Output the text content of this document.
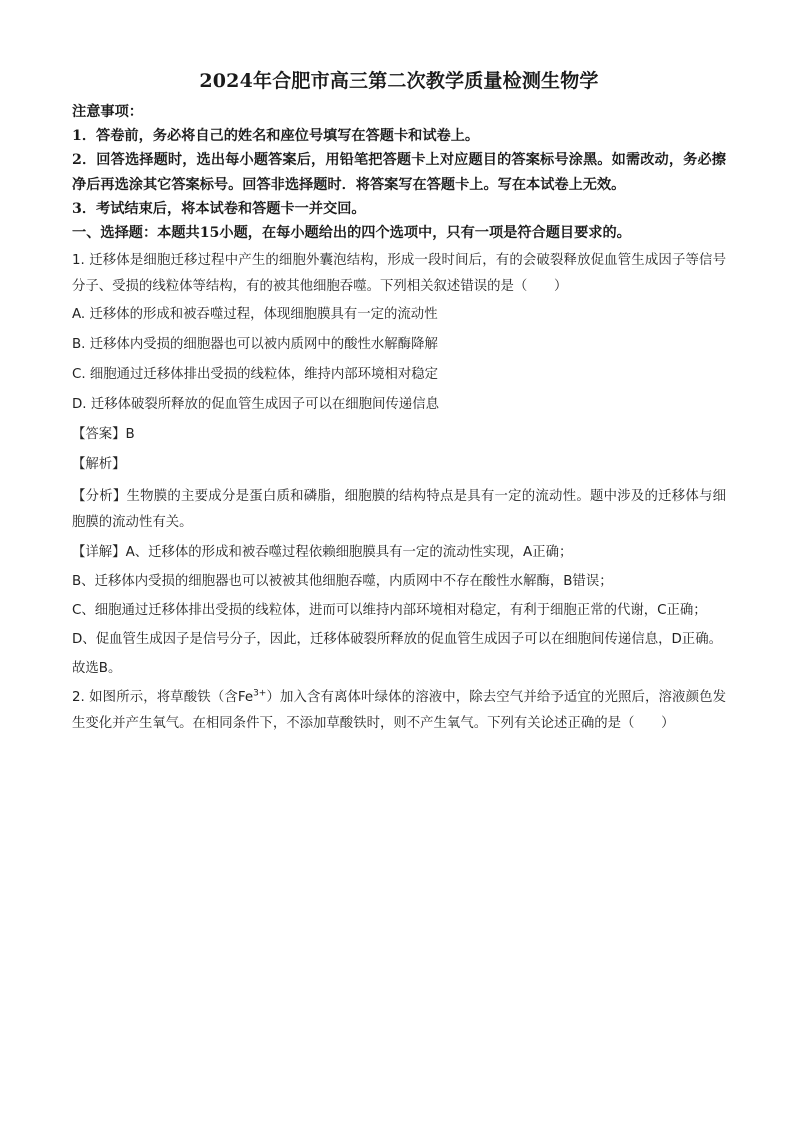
2024年合肥市高三第二次教学质量检测生物学

注意事项：

1．答卷前，务必将自己的姓名和座位号填写在答题卡和试卷上。

2．回答选择题时，选出每小题答案后，用铅笔把答题卡上对应题目的答案标号涂黑。如需改动，务必擦净后再选涂其它答案标号。回答非选择题时．将答案写在答题卡上。写在本试卷上无效。

3．考试结束后，将本试卷和答题卡一并交回。

一、选择题：本题共15小题，在每小题给出的四个选项中，只有一项是符合题目要求的。

1. 迁移体是细胞迁移过程中产生的细胞外囊泡结构，形成一段时间后，有的会破裂释放促血管生成因子等信号分子、受损的线粒体等结构，有的被其他细胞吞噬。下列相关叙述错误的是（　　）

A. 迁移体的形成和被吞噬过程，体现细胞膜具有一定的流动性

B. 迁移体内受损的细胞器也可以被内质网中的酸性水解酶降解

C. 细胞通过迁移体排出受损的线粒体，维持内部环境相对稳定

D. 迁移体破裂所释放的促血管生成因子可以在细胞间传递信息

【答案】B

【解析】

【分析】生物膜的主要成分是蛋白质和磷脂，细胞膜的结构特点是具有一定的流动性。题中涉及的迁移体与细胞膜的流动性有关。

【详解】A、迁移体的形成和被吞噬过程依赖细胞膜具有一定的流动性实现，A正确；

B、迁移体内受损的细胞器也可以被被其他细胞吞噬，内质网中不存在酸性水解酶，B错误；

C、细胞通过迁移体排出受损的线粒体，进而可以维持内部环境相对稳定，有利于细胞正常的代谢，C正确；

D、促血管生成因子是信号分子，因此，迁移体破裂所释放的促血管生成因子可以在细胞间传递信息，D正确。

故选B。

2. 如图所示，将草酸铁（含$Fe^{3+}$）加入含有离体叶绿体的溶液中，除去空气并给予适宜的光照后，溶液颜色发生变化并产生氧气。在相同条件下，不添加草酸铁时，则不产生氧气。下列有关论述正确的是（　　）
